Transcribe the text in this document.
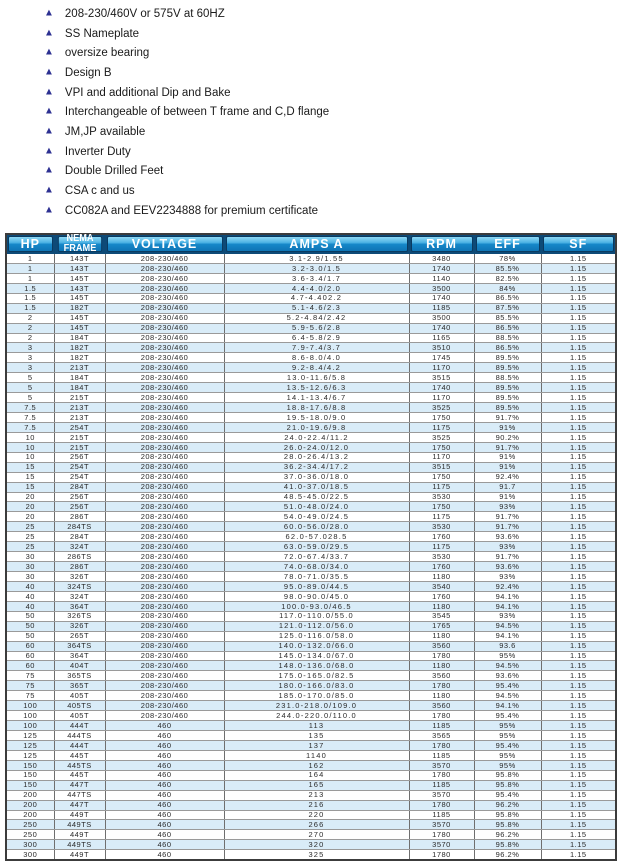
▲ 208-230/460V or 575V at 60HZ
▲ SS Nameplate
▲ oversize bearing
▲ Design B
▲ VPI and additional Dip and Bake
▲ Interchangeable of between T frame and C,D flange
▲ JM,JP available
▲ Inverter Duty
▲ Double Drilled Feet
▲ CSA c and us
▲ CC082A and EEV2234888 for premium certificate
HP	NEMA FRAME	VOLTAGE	AMPS A	RPM	EFF	SF

1	143T	208-230/460	3.1-2.9/1.55	3480	78%	1.15
1	143T	208-230/460	3.2-3.0/1.5	1740	85.5%	1.15
1	145T	208-230/460	3.6-3.4/1.7	1140	82.5%	1.15
1.5	143T	208-230/460	4.4-4.0/2.0	3500	84%	1.15
1.5	145T	208-230/460	4.7-4.402.2	1740	86.5%	1.15
1.5	182T	208-230/460	5.1-4.6/2.3	1185	87.5%	1.15
2	145T	208-230/460	5.2-4.84/2.42	3500	85.5%	1.15
2	145T	208-230/460	5.9-5.6/2.8	1740	86.5%	1.15
2	184T	208-230/460	6.4-5.8/2.9	1165	88.5%	1.15
3	182T	208-230/460	7.9-7.4/3.7	3510	86.5%	1.15
3	182T	208-230/460	8.6-8.0/4.0	1745	89.5%	1.15
3	213T	208-230/460	9.2-8.4/4.2	1170	89.5%	1.15
5	184T	208-230/460	13.0-11.6/5.8	3515	88.5%	1.15
5	184T	208-230/460	13.5-12.6/6.3	1740	89.5%	1.15
5	215T	208-230/460	14.1-13.4/6.7	1170	89.5%	1.15
7.5	213T	208-230/460	18.8-17.6/8.8	3525	89.5%	1.15
7.5	213T	208-230/460	19.5-18.0/9.0	1750	91.7%	1.15
7.5	254T	208-230/460	21.0-19.6/9.8	1175	91%	1.15
10	215T	208-230/460	24.0-22.4/11.2	3525	90.2%	1.15
10	215T	208-230/460	26.0-24.0/12.0	1750	91.7%	1.15
10	256T	208-230/460	28.0-26.4/13.2	1170	91%	1.15
15	254T	208-230/460	36.2-34.4/17.2	3515	91%	1.15
15	254T	208-230/460	37.0-36.0/18.0	1750	92.4%	1.15
15	284T	208-230/460	41.0-37.0/18.5	1175	91.7	1.15
20	256T	208-230/460	48.5-45.0/22.5	3530	91%	1.15
20	256T	208-230/460	51.0-48.0/24.0	1750	93%	1.15
20	286T	208-230/460	54.0-49.0/24.5	1175	91.7%	1.15
25	284TS	208-230/460	60.0-56.0/28.0	3530	91.7%	1.15
25	284T	208-230/460	62.0-57.028.5	1760	93.6%	1.15
25	324T	208-230/460	63.0-59.0/29.5	1175	93%	1.15
30	286TS	208-230/460	72.0-67.4/33.7	3530	91.7%	1.15
30	286T	208-230/460	74.0-68.0/34.0	1760	93.6%	1.15
30	326T	208-230/460	78.0-71.0/35.5	1180	93%	1.15
40	324TS	208-230/460	95.0-89.0/44.5	3540	92.4%	1.15
40	324T	208-230/460	98.0-90.0/45.0	1760	94.1%	1.15
40	364T	208-230/460	100.0-93.0/46.5	1180	94.1%	1.15
50	326TS	208-230/460	117.0-110.0/55.0	3545	93%	1.15
50	326T	208-230/460	121.0-112.0/56.0	1765	94.5%	1.15
50	265T	208-230/460	125.0-116.0/58.0	1180	94.1%	1.15
60	364TS	208-230/460	140.0-132.0/66.0	3560	93.6	1.15
60	364T	208-230/460	145.0-134.0/67.0	1780	95%	1.15
60	404T	208-230/460	148.0-136.0/68.0	1180	94.5%	1.15
75	365TS	208-230/460	175.0-165.0/82.5	3560	93.6%	1.15
75	365T	208-230/460	180.0-166.0/83.0	1780	95.4%	1.15
75	405T	208-230/460	185.0-170.0/85.0	1180	94.5%	1.15
100	405TS	208-230/460	231.0-218.0/109.0	3560	94.1%	1.15
100	405T	208-230/460	244.0-220.0/110.0	1780	95.4%	1.15
100	444T	460	113	1185	95%	1.15
125	444TS	460	135	3565	95%	1.15
125	444T	460	137	1780	95.4%	1.15
125	445T	460	1140	1185	95%	1.15
150	445TS	460	162	3570	95%	1.15
150	445T	460	164	1780	95.8%	1.15
150	447T	460	165	1185	95.8%	1.15
200	447TS	460	213	3570	95.4%	1.15
200	447T	460	216	1780	96.2%	1.15
200	449T	460	220	1185	95.8%	1.15
250	449TS	460	266	3570	95.8%	1.15
250	449T	460	270	1780	96.2%	1.15
300	449TS	460	320	3570	95.8%	1.15
300	449T	460	325	1780	96.2%	1.15
